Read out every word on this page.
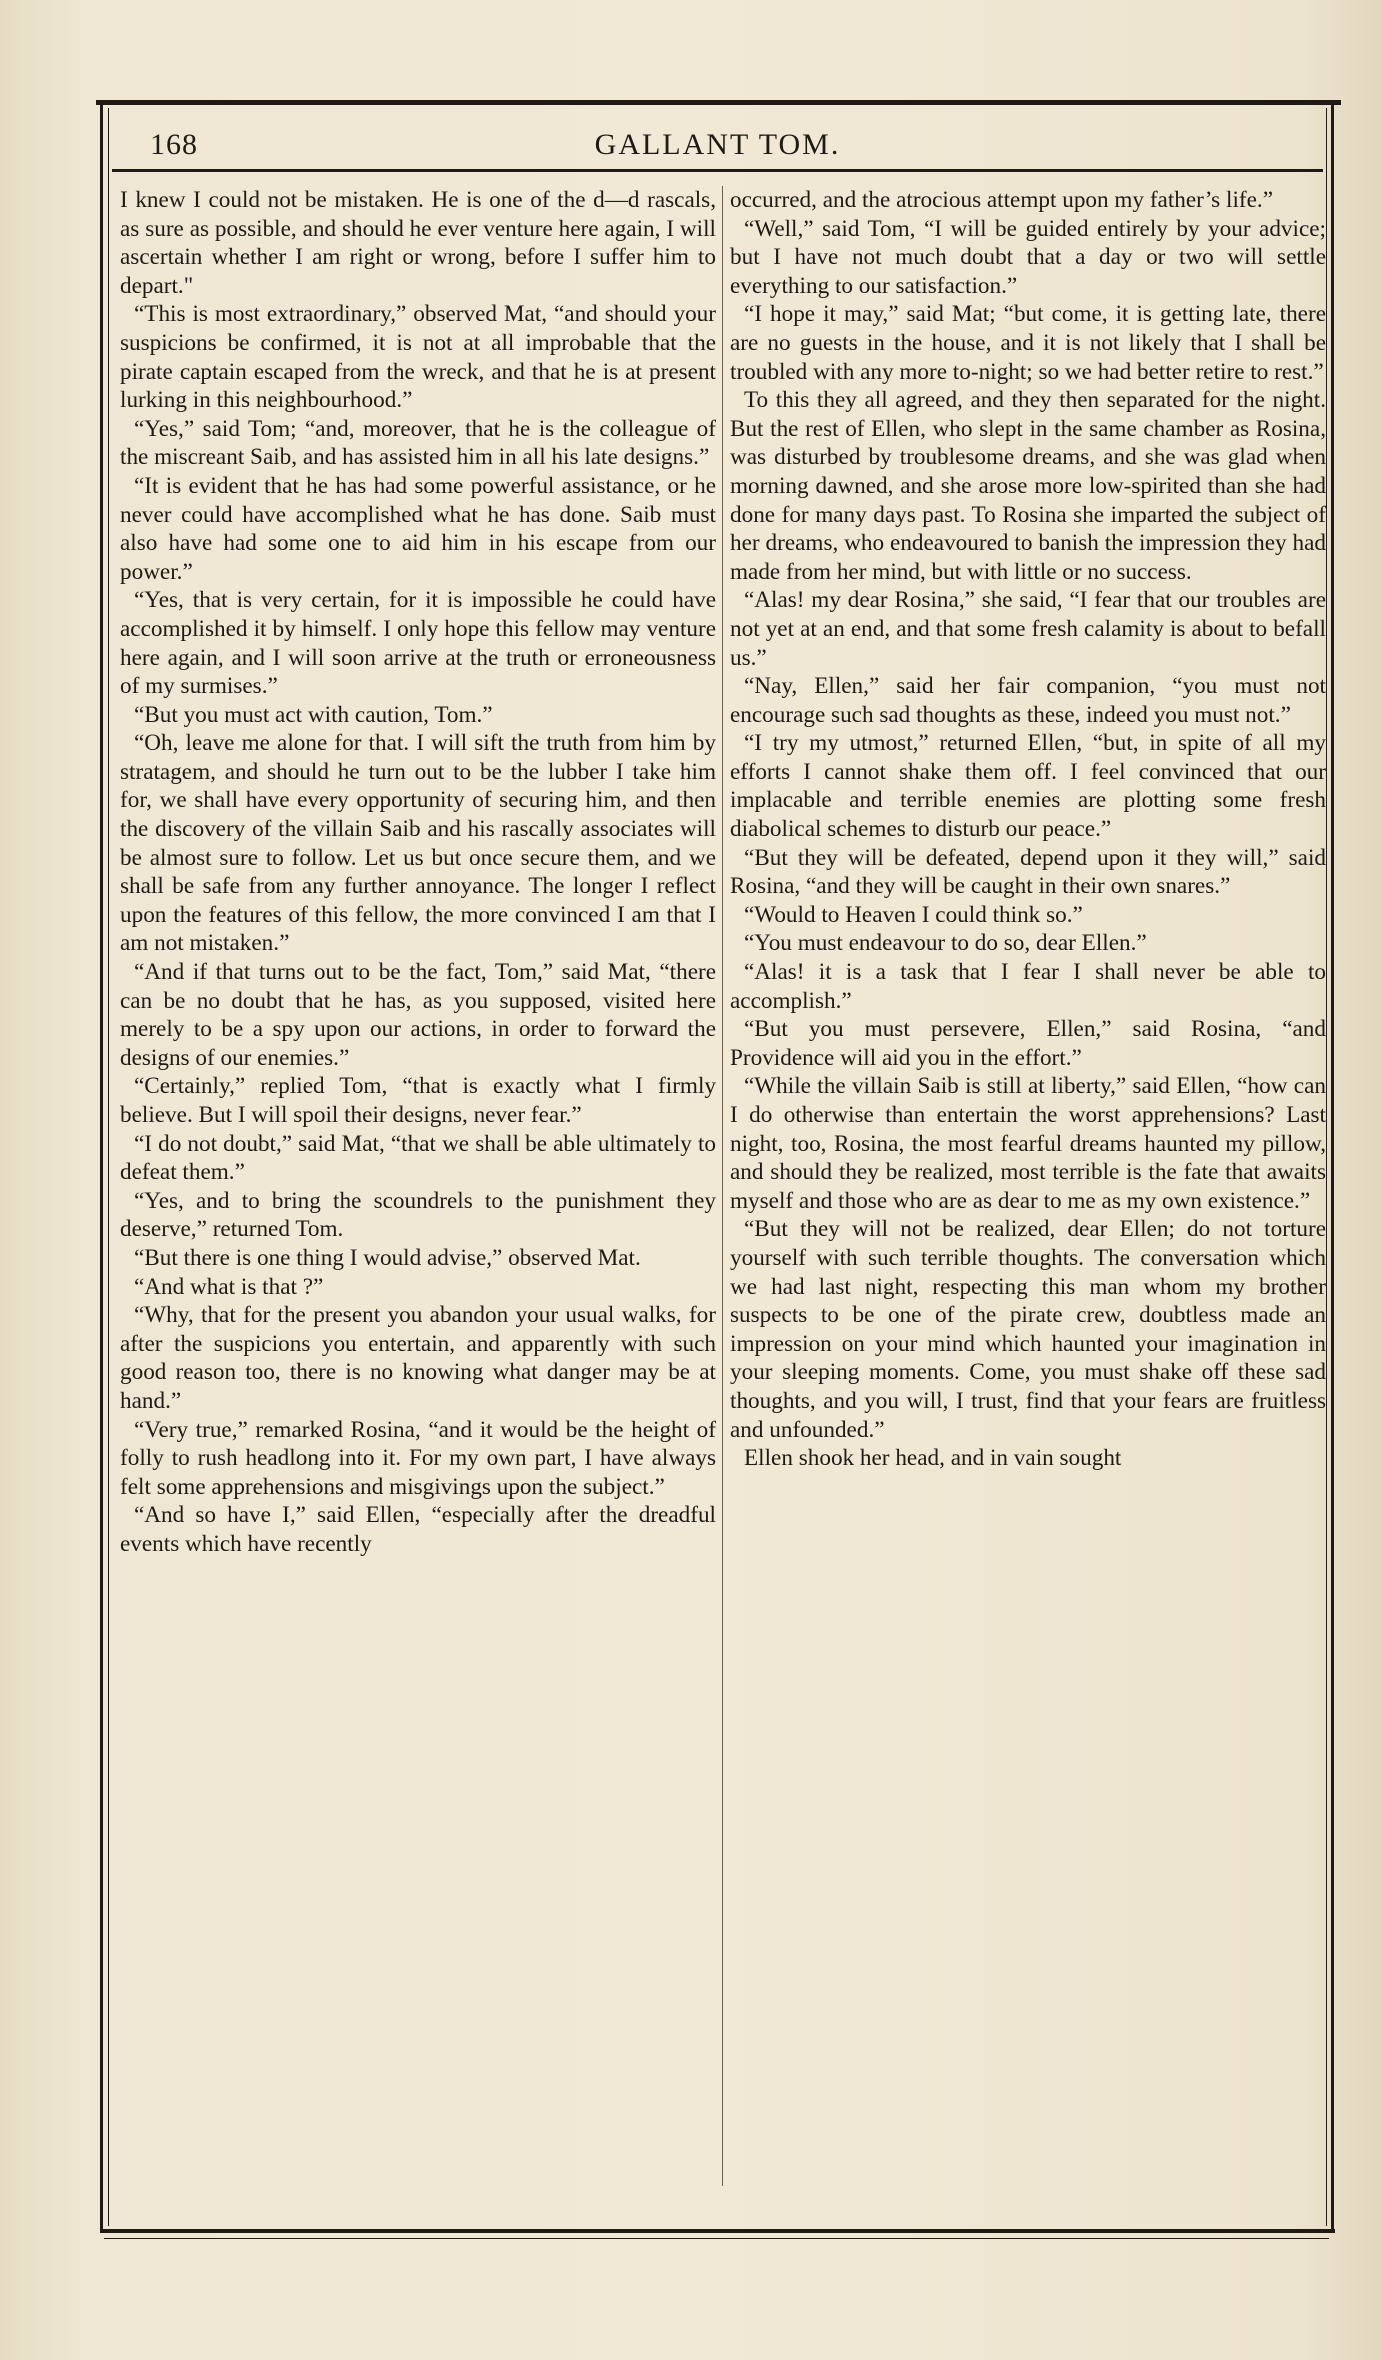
168	GALLANT TOM.

I knew I could not be mistaken. He is one of the d—d rascals, as sure as possible, and should he ever venture here again, I will ascertain whether I am right or wrong, before I suffer him to depart."

“This is most extraordinary,” observed Mat, “and should your suspicions be confirmed, it is not at all improbable that the pirate captain escaped from the wreck, and that he is at present lurking in this neighbourhood.”

“Yes,” said Tom; “and, moreover, that he is the colleague of the miscreant Saib, and has assisted him in all his late designs.”

“It is evident that he has had some powerful assistance, or he never could have accomplished what he has done. Saib must also have had some one to aid him in his escape from our power.”

“Yes, that is very certain, for it is impossible he could have accomplished it by himself. I only hope this fellow may venture here again, and I will soon arrive at the truth or erroneousness of my surmises.”

“But you must act with caution, Tom.”

“Oh, leave me alone for that. I will sift the truth from him by stratagem, and should he turn out to be the lubber I take him for, we shall have every opportunity of securing him, and then the discovery of the villain Saib and his rascally associates will be almost sure to follow. Let us but once secure them, and we shall be safe from any further annoyance. The longer I reflect upon the features of this fellow, the more convinced I am that I am not mistaken.”

“And if that turns out to be the fact, Tom,” said Mat, “there can be no doubt that he has, as you supposed, visited here merely to be a spy upon our actions, in order to forward the designs of our enemies.”

“Certainly,” replied Tom, “that is exactly what I firmly believe. But I will spoil their designs, never fear.”

“I do not doubt,” said Mat, “that we shall be able ultimately to defeat them.”

“Yes, and to bring the scoundrels to the punishment they deserve,” returned Tom.

“But there is one thing I would advise,” observed Mat.

“And what is that ?”

“Why, that for the present you abandon your usual walks, for after the suspicions you entertain, and apparently with such good reason too, there is no knowing what danger may be at hand.”

“Very true,” remarked Rosina, “and it would be the height of folly to rush headlong into it. For my own part, I have always felt some apprehensions and misgivings upon the subject.”

“And so have I,” said Ellen, “especially after the dreadful events which have recently

occurred, and the atrocious attempt upon my father’s life.”

“Well,” said Tom, “I will be guided entirely by your advice; but I have not much doubt that a day or two will settle everything to our satisfaction.”

“I hope it may,” said Mat; “but come, it is getting late, there are no guests in the house, and it is not likely that I shall be troubled with any more to-night; so we had better retire to rest.”

To this they all agreed, and they then separated for the night. But the rest of Ellen, who slept in the same chamber as Rosina, was disturbed by troublesome dreams, and she was glad when morning dawned, and she arose more low-spirited than she had done for many days past. To Rosina she imparted the subject of her dreams, who endeavoured to banish the impression they had made from her mind, but with little or no success.

“Alas! my dear Rosina,” she said, “I fear that our troubles are not yet at an end, and that some fresh calamity is about to befall us.”

“Nay, Ellen,” said her fair companion, “you must not encourage such sad thoughts as these, indeed you must not.”

“I try my utmost,” returned Ellen, “but, in spite of all my efforts I cannot shake them off. I feel convinced that our implacable and terrible enemies are plotting some fresh diabolical schemes to disturb our peace.”

“But they will be defeated, depend upon it they will,” said Rosina, “and they will be caught in their own snares.”

“Would to Heaven I could think so.”

“You must endeavour to do so, dear Ellen.”

“Alas! it is a task that I fear I shall never be able to accomplish.”

“But you must persevere, Ellen,” said Rosina, “and Providence will aid you in the effort.”

“While the villain Saib is still at liberty,” said Ellen, “how can I do otherwise than entertain the worst apprehensions? Last night, too, Rosina, the most fearful dreams haunted my pillow, and should they be realized, most terrible is the fate that awaits myself and those who are as dear to me as my own existence.”

“But they will not be realized, dear Ellen; do not torture yourself with such terrible thoughts. The conversation which we had last night, respecting this man whom my brother suspects to be one of the pirate crew, doubtless made an impression on your mind which haunted your imagination in your sleeping moments. Come, you must shake off these sad thoughts, and you will, I trust, find that your fears are fruitless and unfounded.”

Ellen shook her head, and in vain sought
